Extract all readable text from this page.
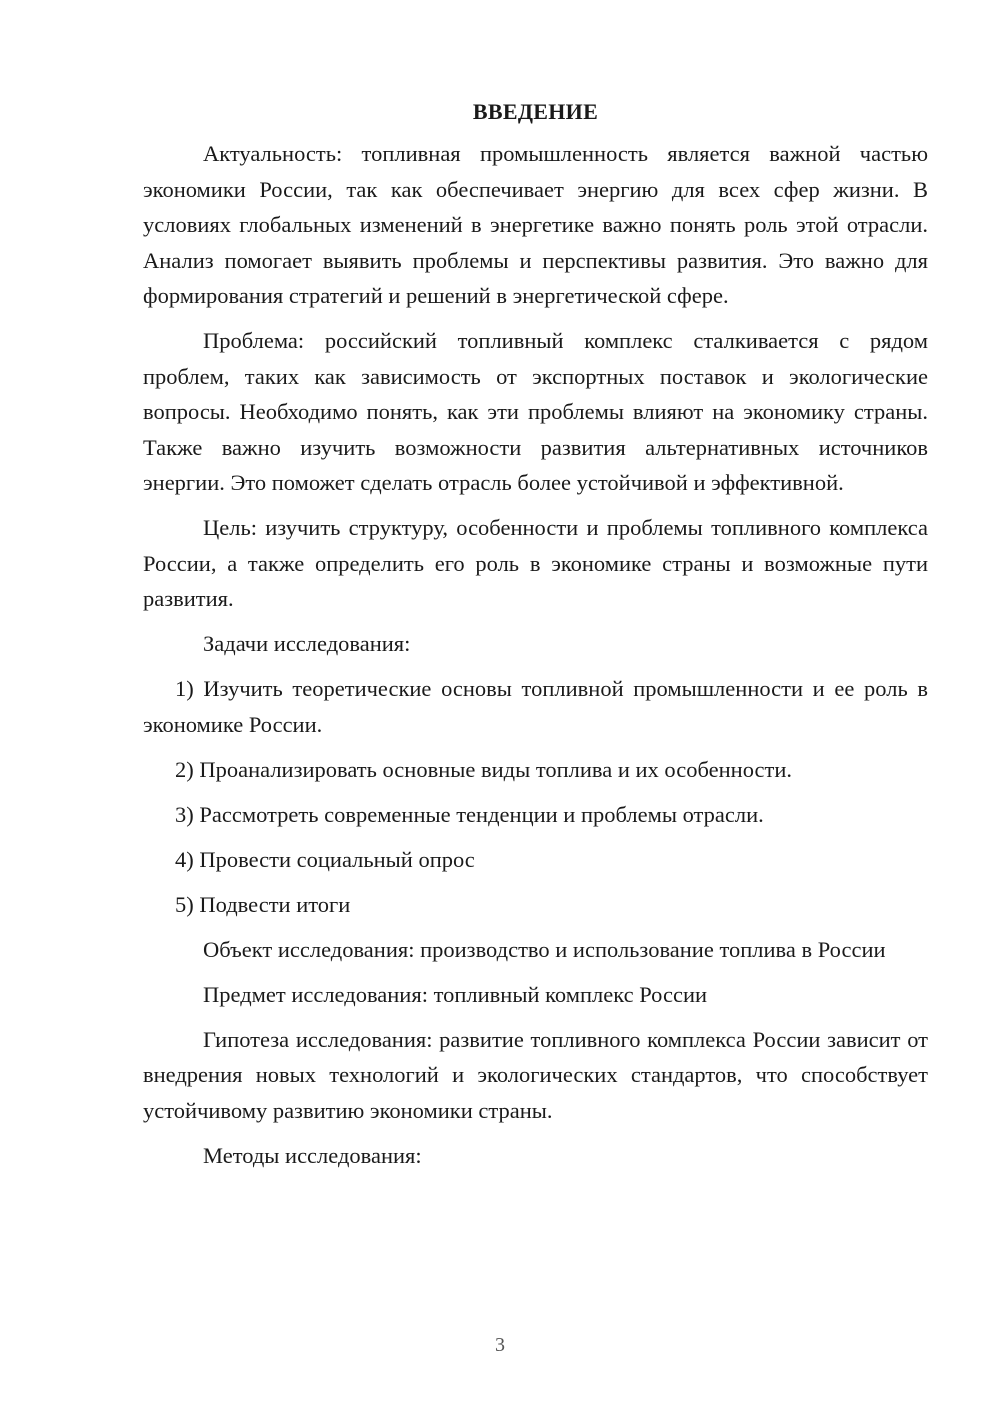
ВВЕДЕНИЕ

Актуальность: топливная промышленность является важной частью экономики России, так как обеспечивает энергию для всех сфер жизни. В условиях глобальных изменений в энергетике важно понять роль этой отрасли. Анализ помогает выявить проблемы и перспективы развития. Это важно для формирования стратегий и решений в энергетической сфере.

Проблема: российский топливный комплекс сталкивается с рядом проблем, таких как зависимость от экспортных поставок и экологические вопросы. Необходимо понять, как эти проблемы влияют на экономику страны. Также важно изучить возможности развития альтернативных источников энергии. Это поможет сделать отрасль более устойчивой и эффективной.

Цель: изучить структуру, особенности и проблемы топливного комплекса России, а также определить его роль в экономике страны и возможные пути развития.

Задачи исследования:

1) Изучить теоретические основы топливной промышленности и ее роль в экономике России.

2) Проанализировать основные виды топлива и их особенности.

3) Рассмотреть современные тенденции и проблемы отрасли.

4) Провести социальный опрос

5) Подвести итоги

Объект исследования: производство и использование топлива в России

Предмет исследования: топливный комплекс России

Гипотеза исследования: развитие топливного комплекса России зависит от внедрения новых технологий и экологических стандартов, что способствует устойчивому развитию экономики страны.

Методы исследования:

3
